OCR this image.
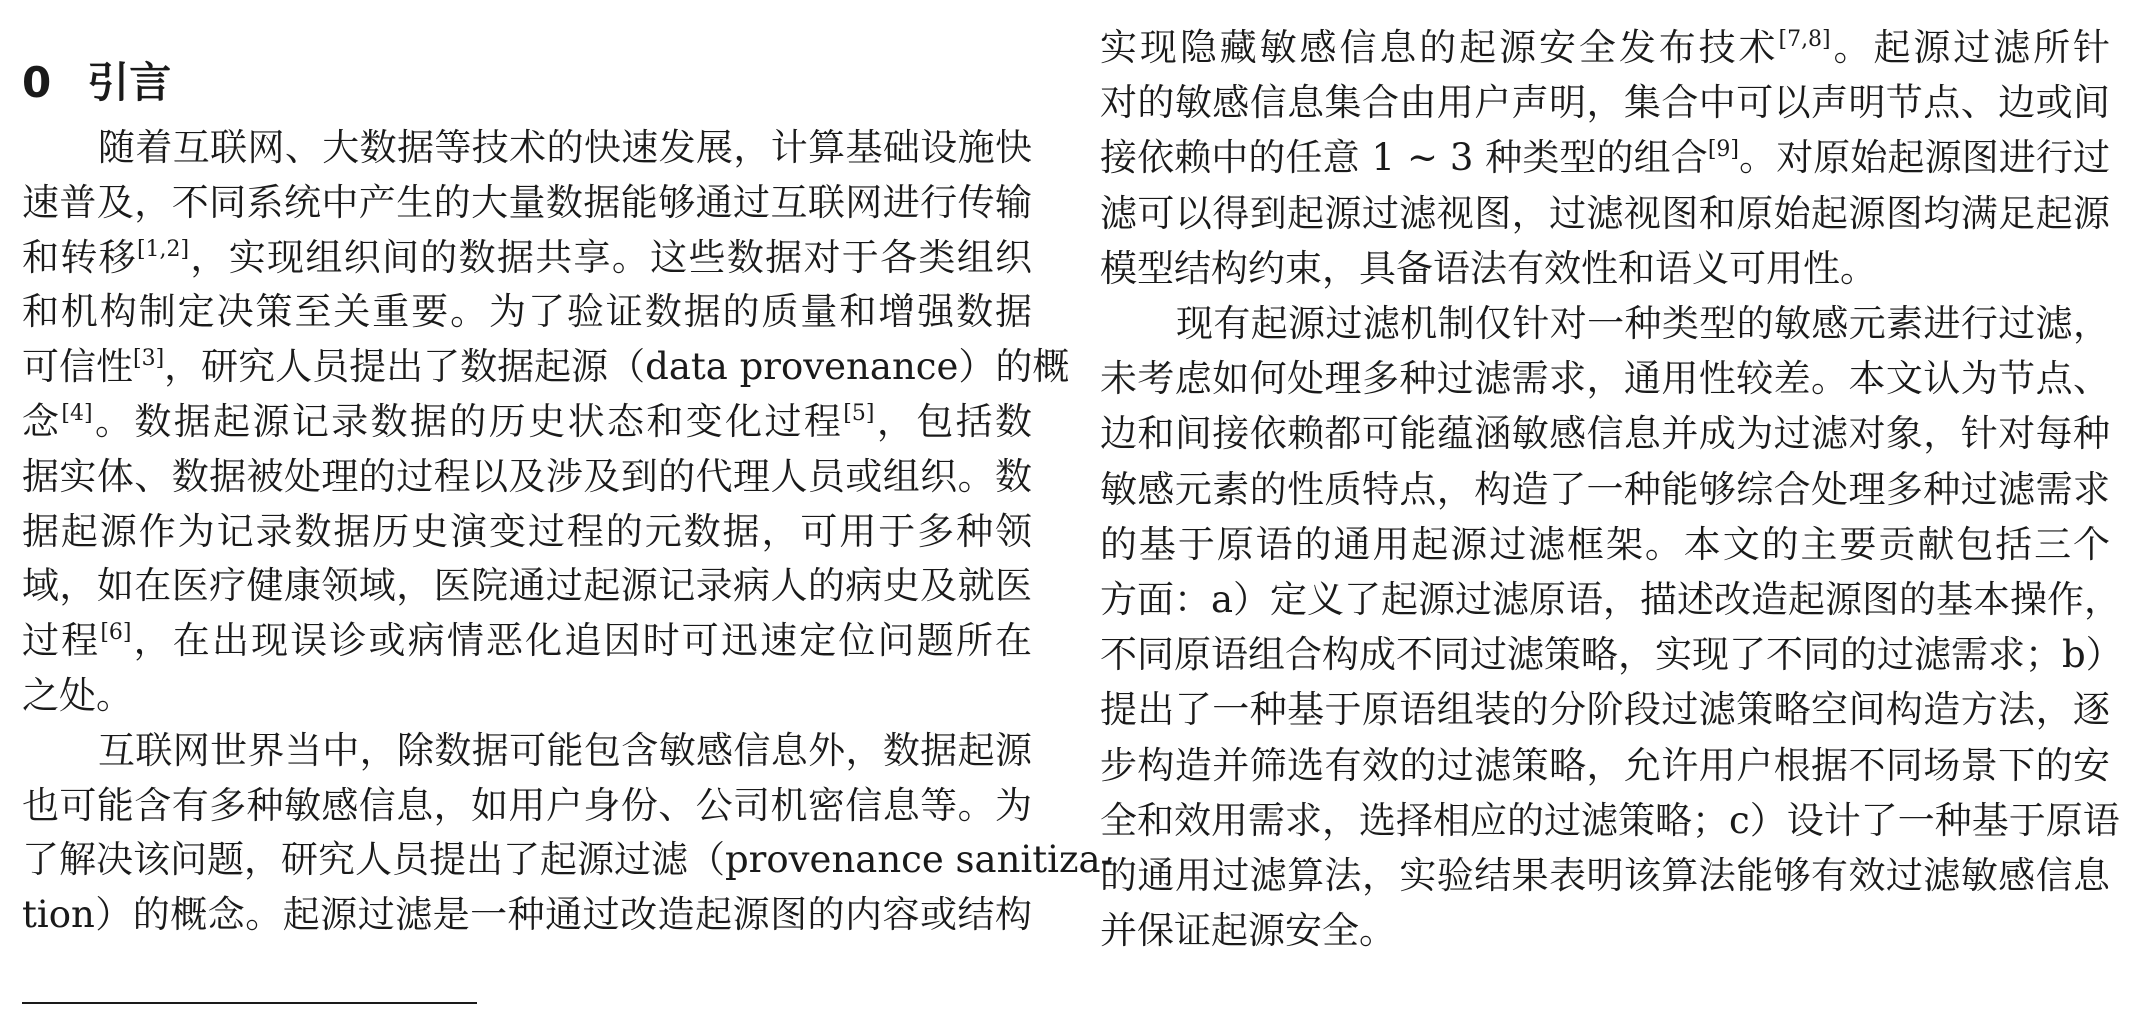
0 引言
随着互联网、大数据等技术的快速发展，计算基础设施快
速普及，不同系统中产生的大量数据能够通过互联网进行传输
和转移[1,2]，实现组织间的数据共享。这些数据对于各类组织
和机构制定决策至关重要。为了验证数据的质量和增强数据
可信性[3]，研究人员提出了数据起源（data provenance）的概
念[4]。数据起源记录数据的历史状态和变化过程[5]，包括数
据实体、数据被处理的过程以及涉及到的代理人员或组织。数
据起源作为记录数据历史演变过程的元数据，可用于多种领
域，如在医疗健康领域，医院通过起源记录病人的病史及就医
过程[6]，在出现误诊或病情恶化追因时可迅速定位问题所在
之处。
互联网世界当中，除数据可能包含敏感信息外，数据起源
也可能含有多种敏感信息，如用户身份、公司机密信息等。为
了解决该问题，研究人员提出了起源过滤（provenance sanitiza-
tion）的概念。起源过滤是一种通过改造起源图的内容或结构
实现隐藏敏感信息的起源安全发布技术[7,8]。起源过滤所针
对的敏感信息集合由用户声明，集合中可以声明节点、边或间
接依赖中的任意 1 ~ 3 种类型的组合[9]。对原始起源图进行过
滤可以得到起源过滤视图，过滤视图和原始起源图均满足起源
模型结构约束，具备语法有效性和语义可用性。
现有起源过滤机制仅针对一种类型的敏感元素进行过滤，
未考虑如何处理多种过滤需求，通用性较差。本文认为节点、
边和间接依赖都可能蕴涵敏感信息并成为过滤对象，针对每种
敏感元素的性质特点，构造了一种能够综合处理多种过滤需求
的基于原语的通用起源过滤框架。本文的主要贡献包括三个
方面：a）定义了起源过滤原语，描述改造起源图的基本操作，
不同原语组合构成不同过滤策略，实现了不同的过滤需求；b）
提出了一种基于原语组装的分阶段过滤策略空间构造方法，逐
步构造并筛选有效的过滤策略，允许用户根据不同场景下的安
全和效用需求，选择相应的过滤策略；c）设计了一种基于原语
的通用过滤算法，实验结果表明该算法能够有效过滤敏感信息
并保证起源安全。
